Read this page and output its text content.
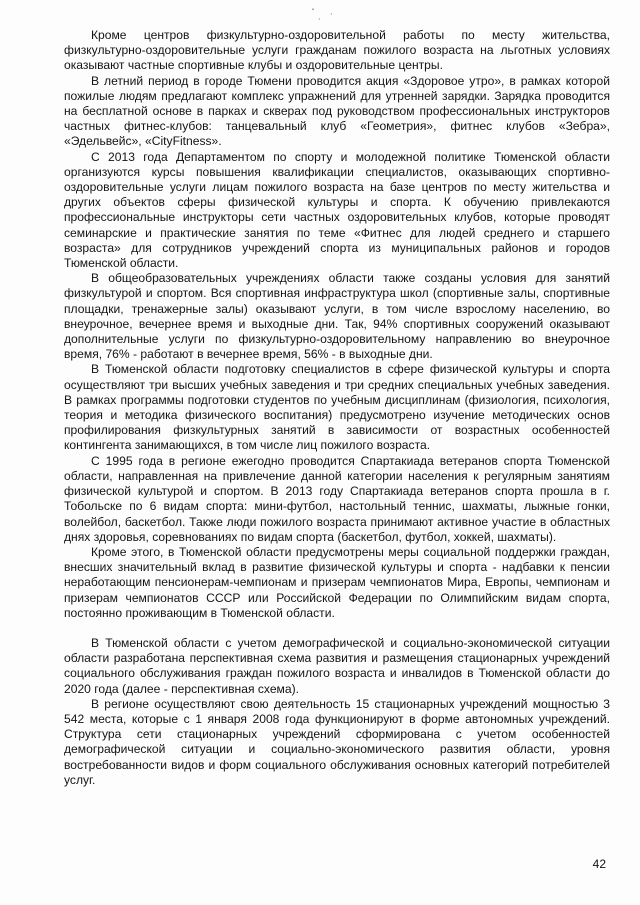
ˇ
·
·

Кроме центров физкультурно-оздоровительной работы по месту жительства, физкультурно-оздоровительные услуги гражданам пожилого возраста на льготных условиях оказывают частные спортивные клубы и оздоровительные центры.

В летний период в городе Тюмени проводится акция «Здоровое утро», в рамках которой пожилые людям предлагают комплекс упражнений для утренней зарядки. Зарядка проводится на бесплатной основе в парках и скверах под руководством профессиональных инструкторов частных фитнес-клубов: танцевальный клуб «Геометрия», фитнес клубов «Зебра», «Эдельвейс», «CityFitness».

С 2013 года Департаментом по спорту и молодежной политике Тюменской области организуются курсы повышения квалификации специалистов, оказывающих спортивно-оздоровительные услуги лицам пожилого возраста на базе центров по месту жительства и других объектов сферы физической культуры и спорта. К обучению привлекаются профессиональные инструкторы сети частных оздоровительных клубов, которые проводят семинарские и практические занятия по теме «Фитнес для людей среднего и старшего возраста» для сотрудников учреждений спорта из муниципальных районов и городов Тюменской области.

В общеобразовательных учреждениях области также созданы условия для занятий физкультурой и спортом. Вся спортивная инфраструктура школ (спортивные залы, спортивные площадки, тренажерные залы) оказывают услуги, в том числе взрослому населению, во внеурочное, вечернее время и выходные дни. Так, 94% спортивных сооружений оказывают дополнительные услуги по физкультурно-оздоровительному направлению во внеурочное время, 76% - работают в вечернее время, 56% - в выходные дни.

В Тюменской области подготовку специалистов в сфере физической культуры и спорта осуществляют три высших учебных заведения и три средних специальных учебных заведения. В рамках программы подготовки студентов по учебным дисциплинам (физиология, психология, теория и методика физического воспитания) предусмотрено изучение методических основ профилирования физкультурных занятий в зависимости от возрастных особенностей контингента занимающихся, в том числе лиц пожилого возраста.

С 1995 года в регионе ежегодно проводится Спартакиада ветеранов спорта Тюменской области, направленная на привлечение данной категории населения к регулярным занятиям физической культурой и спортом. В 2013 году Спартакиада ветеранов спорта прошла в г. Тобольске по 6 видам спорта: мини-футбол, настольный теннис, шахматы, лыжные гонки, волейбол, баскетбол. Также люди пожилого возраста принимают активное участие в областных днях здоровья, соревнованиях по видам спорта (баскетбол, футбол, хоккей, шахматы).

Кроме этого, в Тюменской области предусмотрены меры социальной поддержки граждан, внесших значительный вклад в развитие физической культуры и спорта - надбавки к пенсии неработающим пенсионерам-чемпионам и призерам чемпионатов Мира, Европы, чемпионам и призерам чемпионатов СССР или Российской Федерации по Олимпийским видам спорта, постоянно проживающим в Тюменской области.

В Тюменской области с учетом демографической и социально-экономической ситуации области разработана перспективная схема развития и размещения стационарных учреждений социального обслуживания граждан пожилого возраста и инвалидов в Тюменской области до 2020 года (далее - перспективная схема).

В регионе осуществляют свою деятельность 15 стационарных учреждений мощностью 3 542 места, которые с 1 января 2008 года функционируют в форме автономных учреждений. Структура сети стационарных учреждений сформирована с учетом особенностей демографической ситуации и социально-экономического развития области, уровня востребованности видов и форм социального обслуживания основных категорий потребителей услуг.

42
